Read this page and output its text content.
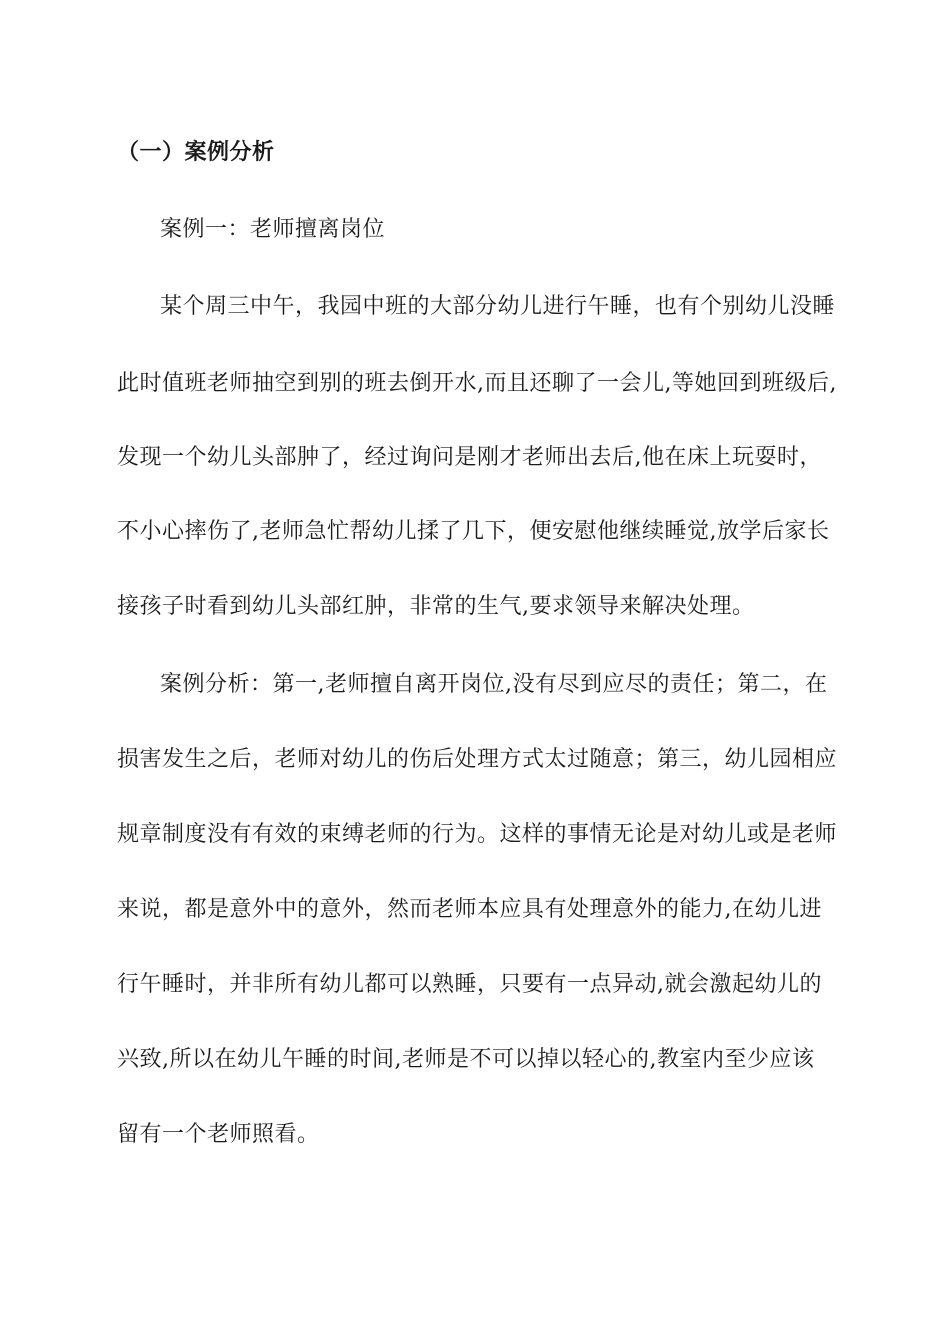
（一）案例分析
案例一：老师擅离岗位
某个周三中午，我园中班的大部分幼儿进行午睡，也有个别幼儿没睡
此时值班老师抽空到别的班去倒开水,而且还聊了一会儿,等她回到班级后,
发现一个幼儿头部肿了，经过询问是刚才老师出去后,他在床上玩耍时，
不小心摔伤了,老师急忙帮幼儿揉了几下，便安慰他继续睡觉,放学后家长
接孩子时看到幼儿头部红肿，非常的生气,要求领导来解决处理。
案例分析：第一,老师擅自离开岗位,没有尽到应尽的责任；第二，在
损害发生之后，老师对幼儿的伤后处理方式太过随意；第三，幼儿园相应
规章制度没有有效的束缚老师的行为。这样的事情无论是对幼儿或是老师
来说，都是意外中的意外，然而老师本应具有处理意外的能力,在幼儿进
行午睡时，并非所有幼儿都可以熟睡，只要有一点异动,就会激起幼儿的
兴致,所以在幼儿午睡的时间,老师是不可以掉以轻心的,教室内至少应该
留有一个老师照看。
